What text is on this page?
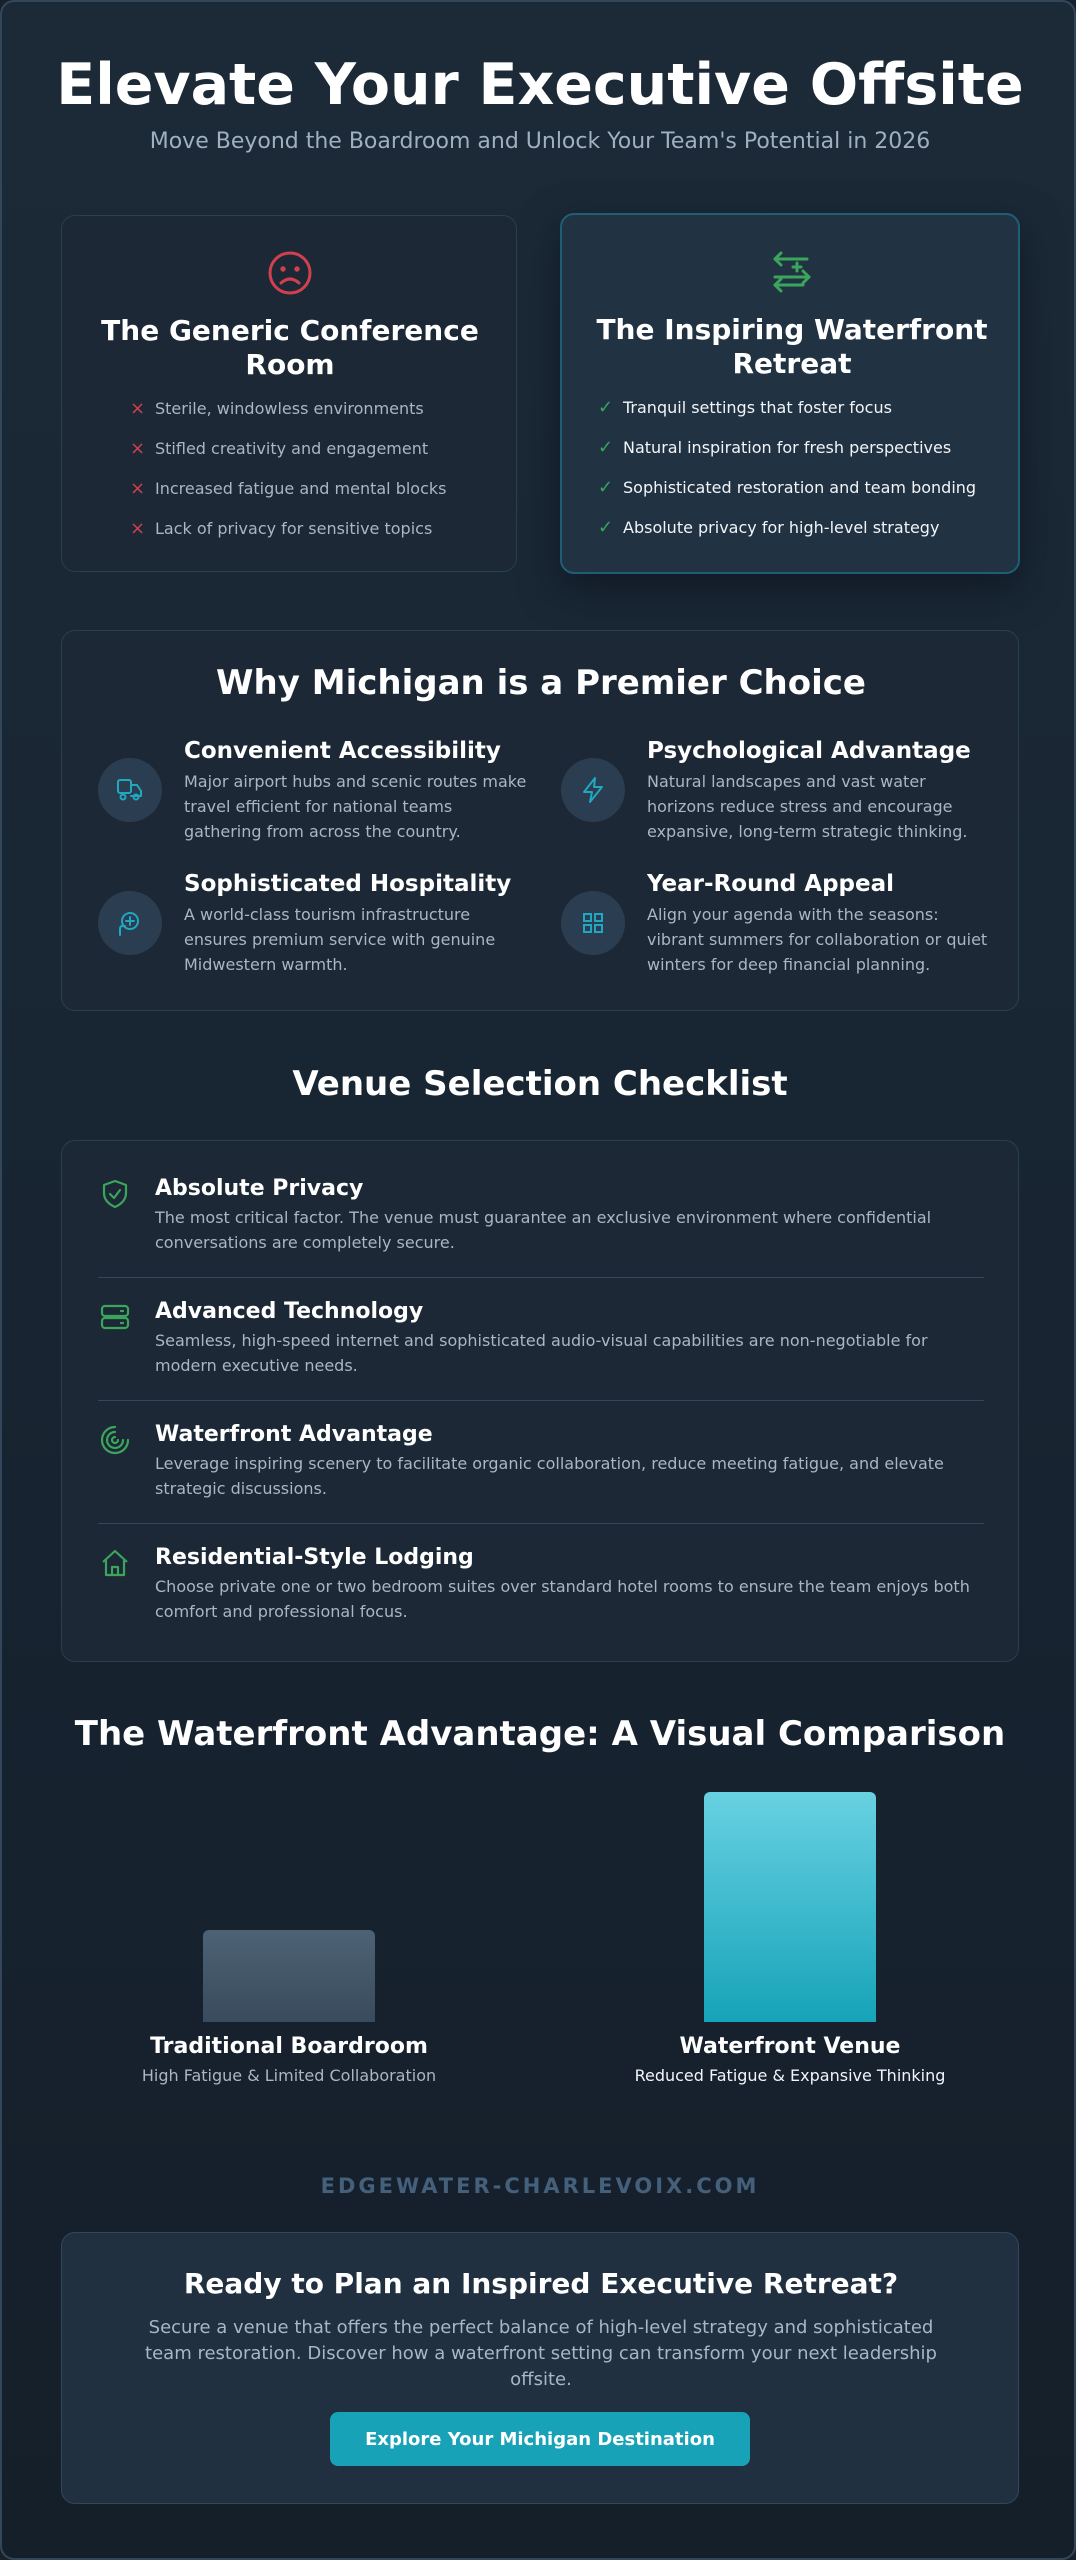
Elevate Your Executive Offsite
Move Beyond the Boardroom and Unlock Your Team's Potential in 2026
The Generic Conference Room
× Sterile, windowless environments
× Stifled creativity and engagement
× Increased fatigue and mental blocks
× Lack of privacy for sensitive topics
The Inspiring Waterfront Retreat
✓ Tranquil settings that foster focus
✓ Natural inspiration for fresh perspectives
✓ Sophisticated restoration and team bonding
✓ Absolute privacy for high-level strategy
Why Michigan is a Premier Choice
Convenient Accessibility
Major airport hubs and scenic routes make travel efficient for national teams gathering from across the country.
Psychological Advantage
Natural landscapes and vast water horizons reduce stress and encourage expansive, long-term strategic thinking.
Sophisticated Hospitality
A world-class tourism infrastructure ensures premium service with genuine Midwestern warmth.
Year-Round Appeal
Align your agenda with the seasons: vibrant summers for collaboration or quiet winters for deep financial planning.
Venue Selection Checklist
Absolute Privacy
The most critical factor. The venue must guarantee an exclusive environment where confidential conversations are completely secure.
Advanced Technology
Seamless, high-speed internet and sophisticated audio-visual capabilities are non-negotiable for modern executive needs.
Waterfront Advantage
Leverage inspiring scenery to facilitate organic collaboration, reduce meeting fatigue, and elevate strategic discussions.
Residential-Style Lodging
Choose private one or two bedroom suites over standard hotel rooms to ensure the team enjoys both comfort and professional focus.
The Waterfront Advantage: A Visual Comparison
Traditional Boardroom
High Fatigue & Limited Collaboration
Waterfront Venue
Reduced Fatigue & Expansive Thinking
EDGEWATER-CHARLEVOIX.COM
Ready to Plan an Inspired Executive Retreat?
Secure a venue that offers the perfect balance of high-level strategy and sophisticated team restoration. Discover how a waterfront setting can transform your next leadership offsite.
Explore Your Michigan Destination
